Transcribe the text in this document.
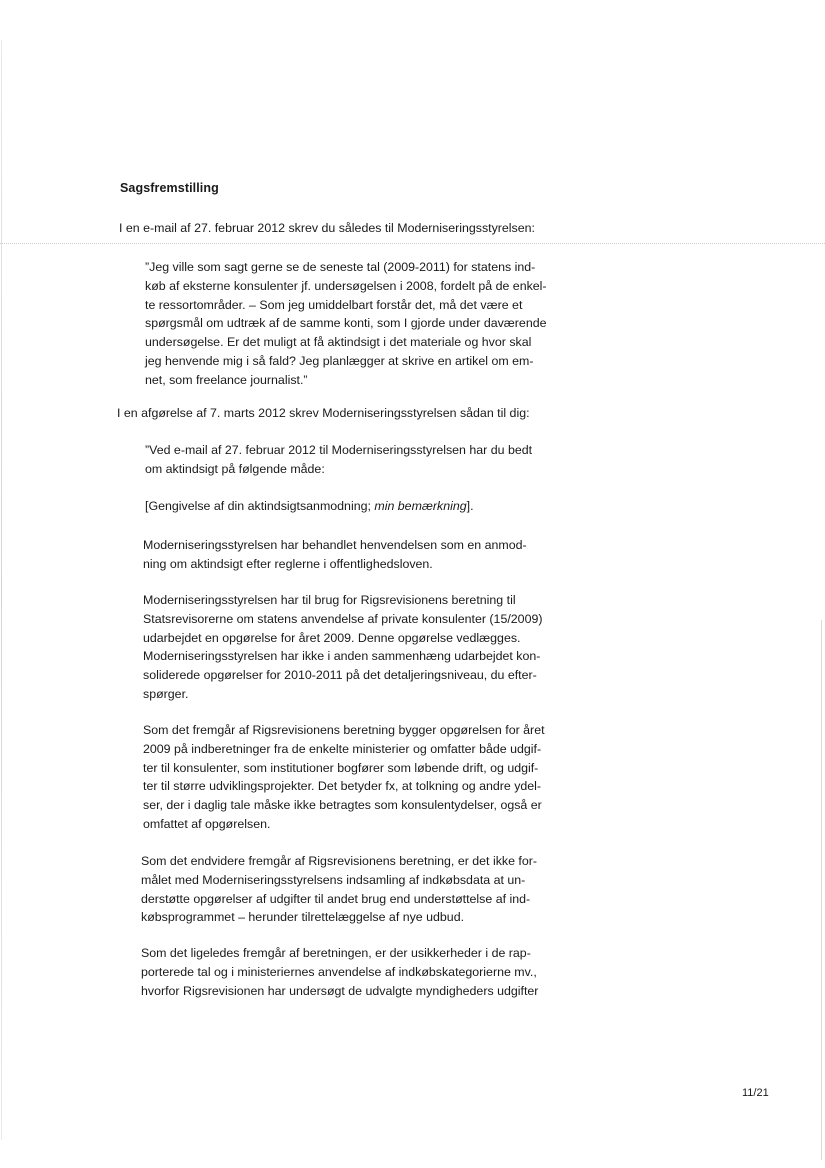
Sagsfremstilling

I en e-mail af 27. februar 2012 skrev du således til Moderniseringsstyrelsen:

”Jeg ville som sagt gerne se de seneste tal (2009-2011) for statens ind-
køb af eksterne konsulenter jf. undersøgelsen i 2008, fordelt på de enkel-
te ressortområder. – Som jeg umiddelbart forstår det, må det være et
spørgsmål om udtræk af de samme konti, som I gjorde under daværende
undersøgelse. Er det muligt at få aktindsigt i det materiale og hvor skal
jeg henvende mig i så fald? Jeg planlægger at skrive en artikel om em-
net, som freelance journalist.”

I en afgørelse af 7. marts 2012 skrev Moderniseringsstyrelsen sådan til dig:

”Ved e-mail af 27. februar 2012 til Moderniseringsstyrelsen har du bedt
om aktindsigt på følgende måde:

[Gengivelse af din aktindsigtsanmodning; min bemærkning].

Moderniseringsstyrelsen har behandlet henvendelsen som en anmod-
ning om aktindsigt efter reglerne i offentlighedsloven.

Moderniseringsstyrelsen har til brug for Rigsrevisionens beretning til
Statsrevisorerne om statens anvendelse af private konsulenter (15/2009)
udarbejdet en opgørelse for året 2009. Denne opgørelse vedlægges.
Moderniseringsstyrelsen har ikke i anden sammenhæng udarbejdet kon-
soliderede opgørelser for 2010-2011 på det detaljeringsniveau, du efter-
spørger.

Som det fremgår af Rigsrevisionens beretning bygger opgørelsen for året
2009 på indberetninger fra de enkelte ministerier og omfatter både udgif-
ter til konsulenter, som institutioner bogfører som løbende drift, og udgif-
ter til større udviklingsprojekter. Det betyder fx, at tolkning og andre ydel-
ser, der i daglig tale måske ikke betragtes som konsulentydelser, også er
omfattet af opgørelsen.

Som det endvidere fremgår af Rigsrevisionens beretning, er det ikke for-
målet med Moderniseringsstyrelsens indsamling af indkøbsdata at un-
derstøtte opgørelser af udgifter til andet brug end understøttelse af ind-
købsprogrammet – herunder tilrettelæggelse af nye udbud.

Som det ligeledes fremgår af beretningen, er der usikkerheder i de rap-
porterede tal og i ministeriernes anvendelse af indkøbskategorierne mv.,
hvorfor Rigsrevisionen har undersøgt de udvalgte myndigheders udgifter

11/21
